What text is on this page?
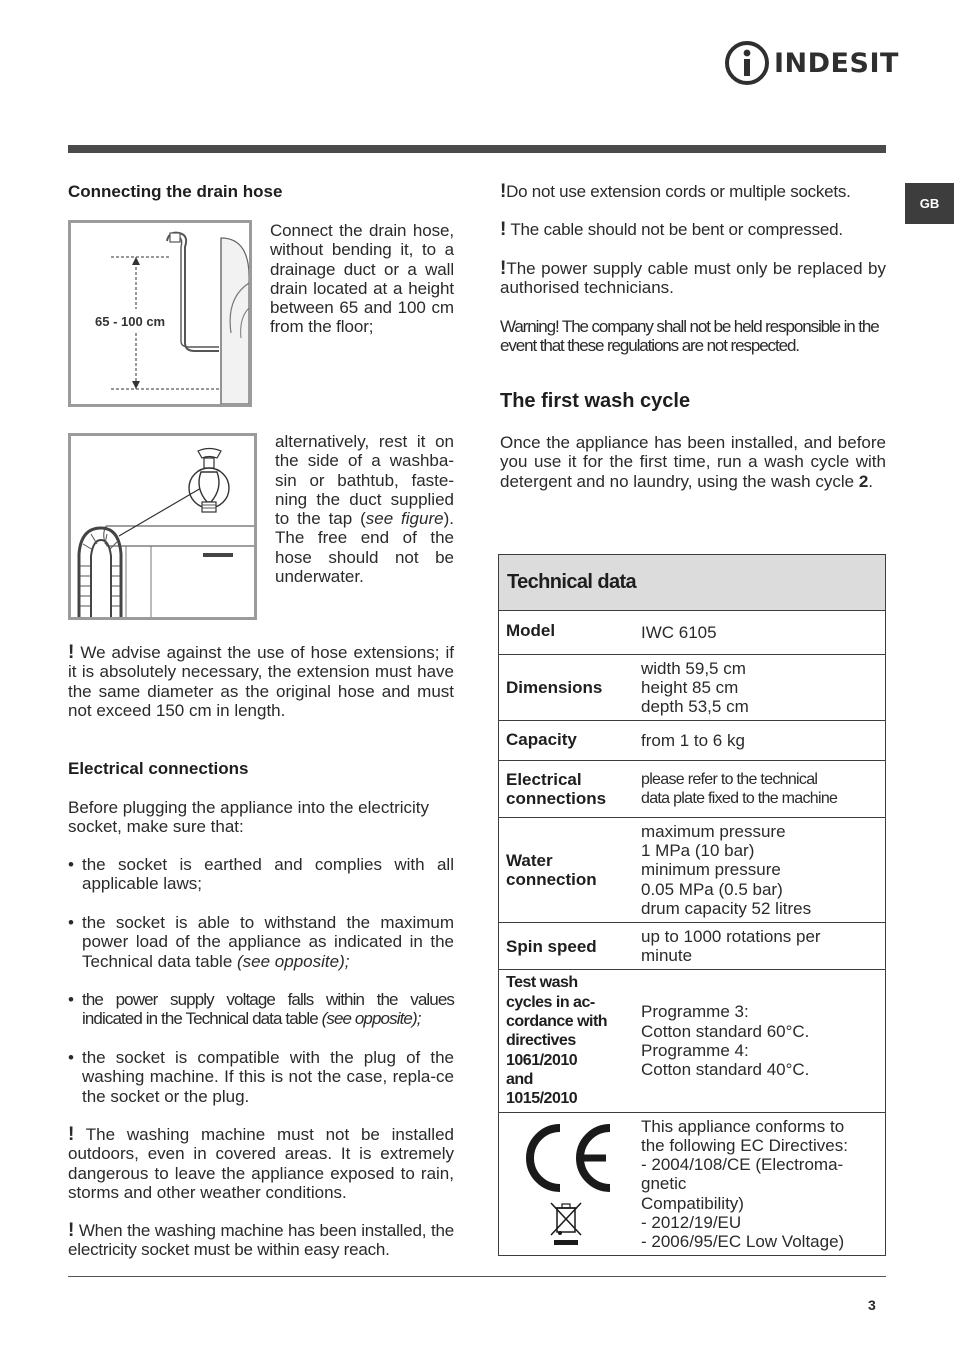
INDESIT
GB
Connecting the drain hose

Connect the drain hose, without bending it, to a drainage duct or a wall drain located at a height between 65 and 100 cm from the floor;

alternatively, rest it on the side of a washba-sin or bathtub, faste-ning the duct supplied to the tap (see figure). The free end of the hose should not be underwater.

! We advise against the use of hose extensions; if it is absolutely necessary, the extension must have the same diameter as the original hose and must not exceed 150 cm in length.

Electrical connections

Before plugging the appliance into the electricity socket, make sure that:

• the socket is earthed and complies with all applicable laws;
• the socket is able to withstand the maximum power load of the appliance as indicated in the Technical data table (see opposite);
• the power supply voltage falls within the values indicated in the Technical data table (see opposite);
• the socket is compatible with the plug of the washing machine. If this is not the case, repla-ce the socket or the plug.

! The washing machine must not be installed outdoors, even in covered areas. It is extremely dangerous to leave the appliance exposed to rain, storms and other weather conditions.

! When the washing machine has been installed, the electricity socket must be within easy reach.

65 - 100 cm

!Do not use extension cords or multiple sockets.

! The cable should not be bent or compressed.

!The power supply cable must only be replaced by authorised technicians.

Warning! The company shall not be held responsible in the event that these regulations are not respected.

The first wash cycle

Once the appliance has been installed, and before you use it for the first time, run a wash cycle with detergent and no laundry, using the wash cycle 2.

Technical data
Model	IWC 6105
Dimensions
width 59,5 cm
height 85 cm
depth 53,5 cm
Capacity	from 1 to 6 kg
Electrical
connections
please refer to the technical
data plate fixed to the machine
Water
connection
maximum pressure
1 MPa (10 bar)
minimum pressure
0.05 MPa (0.5 bar)
drum capacity 52 litres
Spin speed
up to 1000 rotations per
minute
Test wash
cycles in ac-
cordance with
directives
1061/2010
and
1015/2010
Programme 3:
Cotton standard 60°C.
Programme 4:
Cotton standard 40°C.
This appliance conforms to
the following EC Directives:
- 2004/108/CE (Electroma-
gnetic
Compatibility)
- 2012/19/EU
- 2006/95/EC Low Voltage)
3
